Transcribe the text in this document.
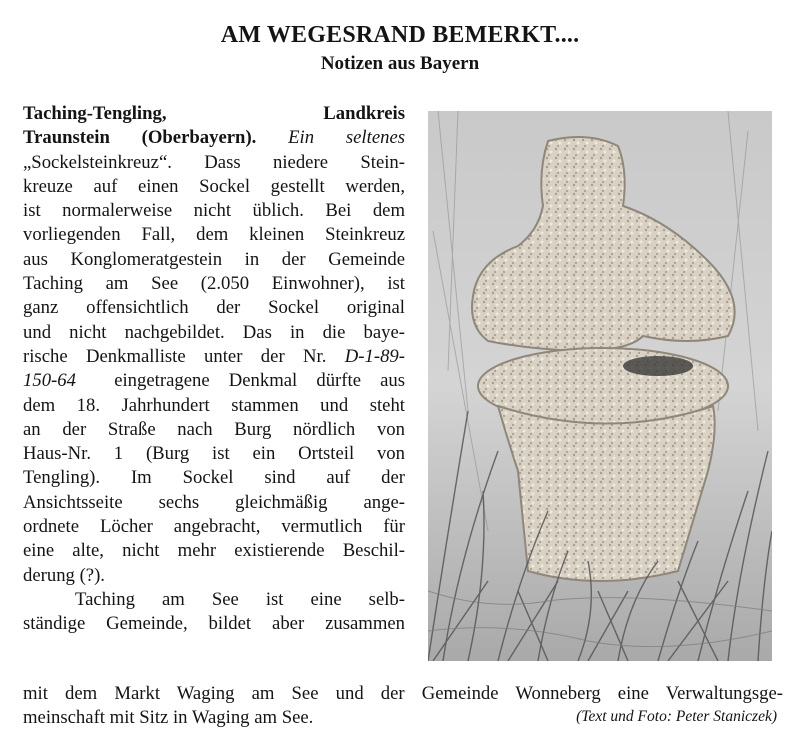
AM WEGESRAND BEMERKT....
Notizen aus Bayern
Taching-Tengling,	Landkreis
Traunstein (Oberbayern). Ein seltenes
„Sockelsteinkreuz“. Dass niedere Stein-
kreuze auf einen Sockel gestellt werden,
ist normalerweise nicht üblich. Bei dem
vorliegenden Fall, dem kleinen Steinkreuz
aus Konglomeratgestein in der Gemeinde
Taching am See (2.050 Einwohner), ist
ganz offensichtlich der Sockel original
und nicht nachgebildet. Das in die baye-
rische Denkmalliste unter der Nr. D-1-89-
150-64 eingetragene Denkmal dürfte aus
dem 18. Jahrhundert stammen und steht
an der Straße nach Burg nördlich von
Haus-Nr. 1 (Burg ist ein Ortsteil von
Tengling). Im Sockel sind auf der
Ansichtsseite sechs gleichmäßig ange-
ordnete Löcher angebracht, vermutlich für
eine alte, nicht mehr existierende Beschil-
derung (?).
Taching am See ist eine selb-
ständige Gemeinde, bildet aber zusammen
mit dem Markt Waging am See und der Gemeinde Wonneberg eine Verwaltungsge-
meinschaft mit Sitz in Waging am See.	(Text und Foto: Peter Staniczek)
